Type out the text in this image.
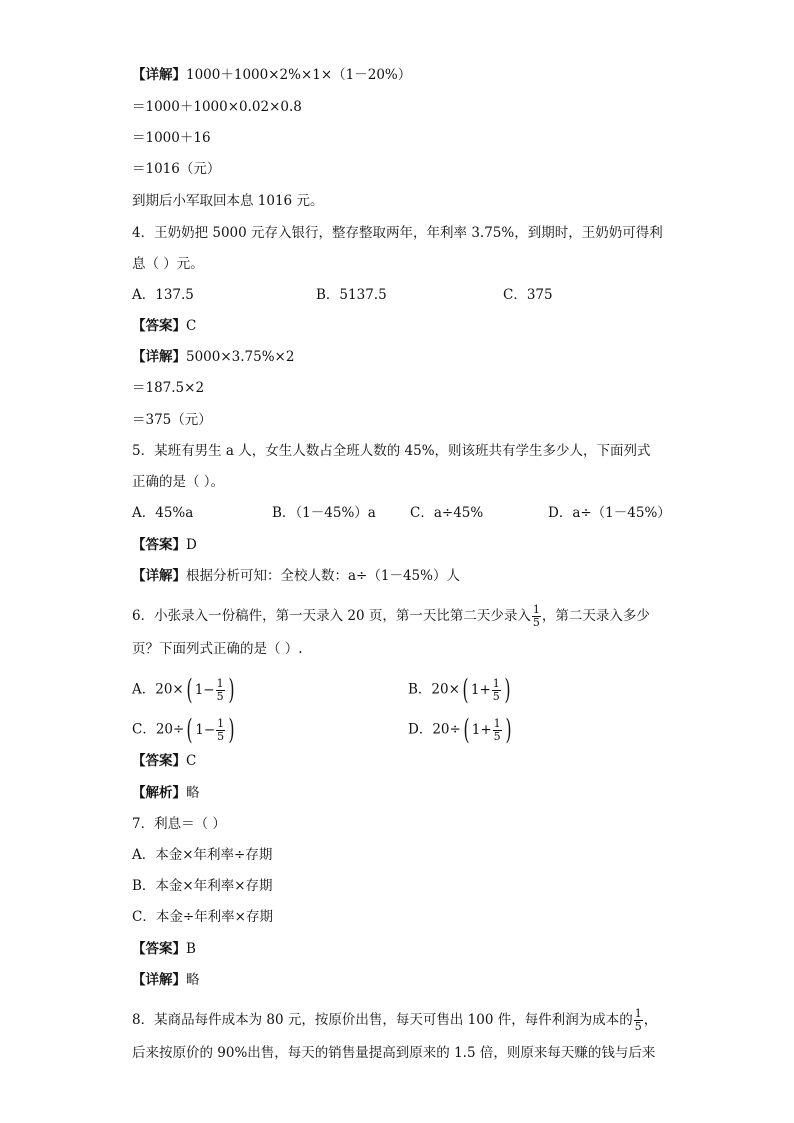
【详解】1000＋1000×2%×1×（1－20%）
＝1000＋1000×0.02×0.8
＝1000＋16
＝1016（元）
到期后小军取回本息 1016 元。
4．王奶奶把 5000 元存入银行，整存整取两年，年利率 3.75%，到期时，王奶奶可得利
息（ ）元。
A．137.5	B．5137.5	C．375
【答案】C
【详解】5000×3.75%×2
＝187.5×2
＝375（元）
5．某班有男生 a 人，女生人数占全班人数的 45%，则该班共有学生多少人，下面列式
正确的是（ ）。
A．45%a	B．（1－45%）a	C．a÷45%	D．a÷（1－45%）
【答案】D
【详解】根据分析可知：全校人数：a÷（1－45%）人
6．小张录入一份稿件，第一天录入 20 页，第一天比第二天少录入 $\frac{1}{5}$ ，第二天录入多少
页？下面列式正确的是（ ）.
A．20× ( $1 - \frac{1}{5}$ )	B．20× ( $1 + \frac{1}{5}$ )
C．20÷ ( $1 - \frac{1}{5}$ )	D．20÷ ( $1 + \frac{1}{5}$ )
【答案】C
【解析】略
7．利息＝（ ）
A．本金×年利率÷存期
B．本金×年利率×存期
C．本金÷年利率×存期
【答案】B
【详解】略
8．某商品每件成本为 80 元，按原价出售，每天可售出 100 件，每件利润为成本的 $\frac{1}{5}$ ，
后来按原价的 90%出售，每天的销售量提高到原来的 1.5 倍，则原来每天赚的钱与后来
